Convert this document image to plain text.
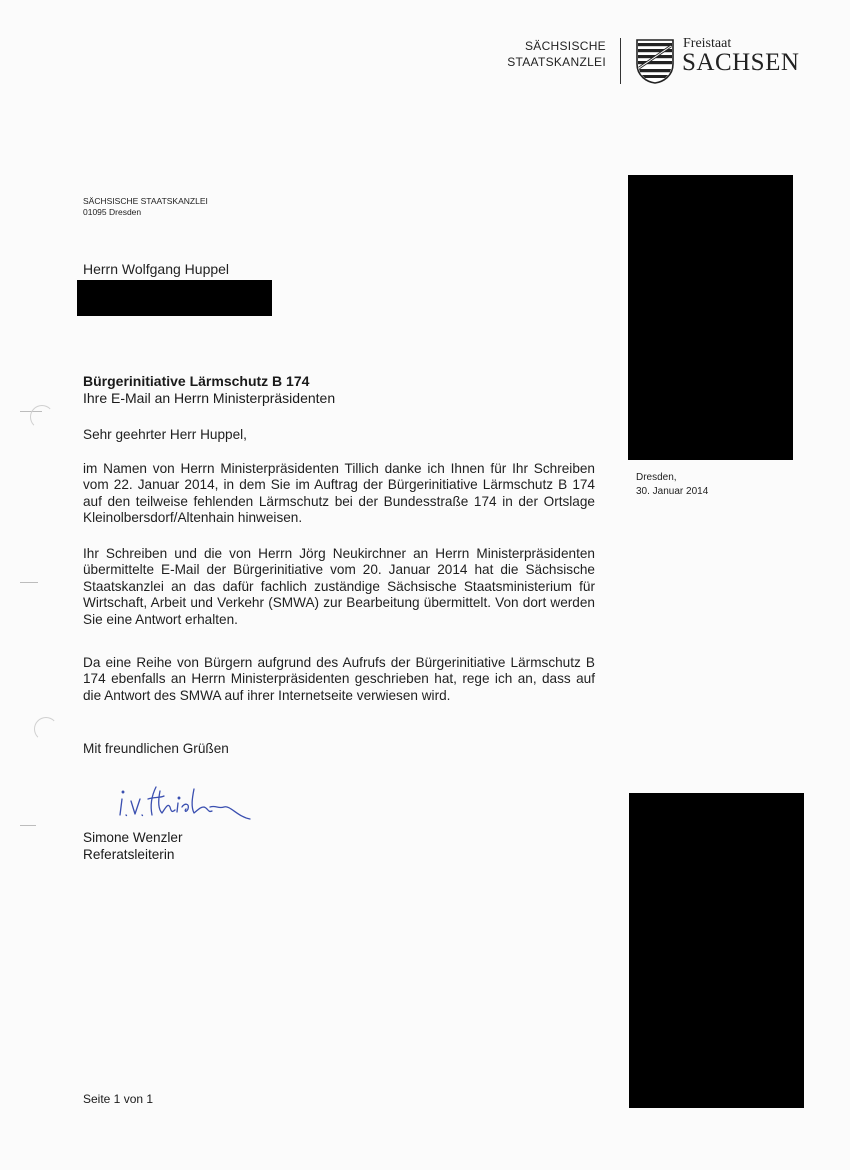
SÄCHSISCHE
STAATSKANZLEI
Freistaat
SACHSEN
SÄCHSISCHE STAATSKANZLEI
01095 Dresden
Herrn Wolfgang Huppel
Dresden,
30. Januar 2014
Bürgerinitiative Lärmschutz B 174
Ihre E-Mail an Herrn Ministerpräsidenten
Sehr geehrter Herr Huppel,
im Namen von Herrn Ministerpräsidenten Tillich danke ich Ihnen für Ihr Schreiben vom 22. Januar 2014, in dem Sie im Auftrag der Bürgerinitiative Lärmschutz B 174 auf den teilweise fehlenden Lärmschutz bei der Bundesstraße 174 in der Ortslage Kleinolbersdorf/Altenhain hinweisen.
Ihr Schreiben und die von Herrn Jörg Neukirchner an Herrn Ministerpräsidenten übermittelte E-Mail der Bürgerinitiative vom 20. Januar 2014 hat die Sächsische Staatskanzlei an das dafür fachlich zuständige Sächsische Staatsministerium für Wirtschaft, Arbeit und Verkehr (SMWA) zur Bearbeitung übermittelt. Von dort werden Sie eine Antwort erhalten.
Da eine Reihe von Bürgern aufgrund des Aufrufs der Bürgerinitiative Lärmschutz B 174 ebenfalls an Herrn Ministerpräsidenten geschrieben hat, rege ich an, dass auf die Antwort des SMWA auf ihrer Internetseite verwiesen wird.
Mit freundlichen Grüßen
Simone Wenzler
Referatsleiterin
Seite 1 von 1
